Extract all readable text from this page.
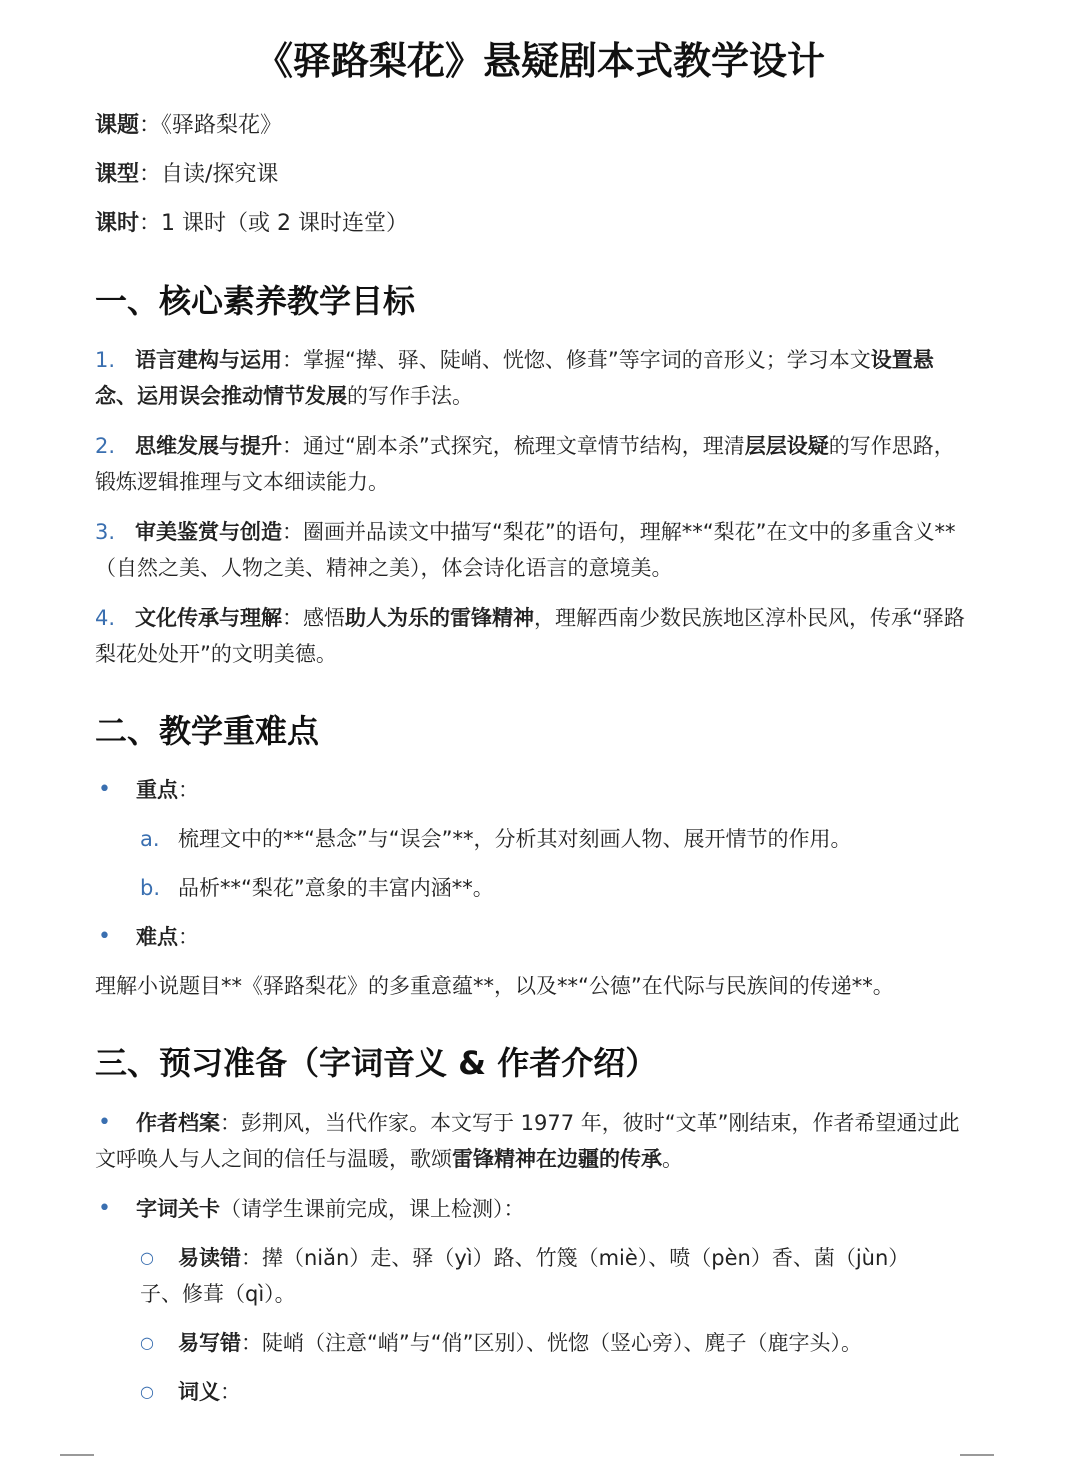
《驿路梨花》悬疑剧本式教学设计
课题：《驿路梨花》
课型：自读/探究课
课时：1 课时（或 2 课时连堂）
一、核心素养教学目标
1. 语言建构与运用：掌握“撵、驿、陡峭、恍惚、修葺”等字词的音形义；学习本文设置悬念、运用误会推动情节发展的写作手法。
2. 思维发展与提升：通过“剧本杀”式探究，梳理文章情节结构，理清层层设疑的写作思路，锻炼逻辑推理与文本细读能力。
3. 审美鉴赏与创造：圈画并品读文中描写“梨花”的语句，理解**“梨花”在文中的多重含义**（自然之美、人物之美、精神之美），体会诗化语言的意境美。
4. 文化传承与理解：感悟助人为乐的雷锋精神，理解西南少数民族地区淳朴民风，传承“驿路梨花处处开”的文明美德。
二、教学重难点
• 重点：
a. 梳理文中的**“悬念”与“误会”**，分析其对刻画人物、展开情节的作用。
b. 品析**“梨花”意象的丰富内涵**。
• 难点：
理解小说题目**《驿路梨花》的多重意蕴**，以及**“公德”在代际与民族间的传递**。
三、预习准备（字词音义 & 作者介绍）
•	作者档案：彭荆风，当代作家。本文写于 1977 年，彼时“文革”刚结束，作者希望通过此文呼唤人与人之间的信任与温暖，歌颂雷锋精神在边疆的传承。
• 字词关卡（请学生课前完成，课上检测）：
○	易读错：撵（niǎn）走、驿（yì）路、竹篾（miè）、喷（pèn）香、菌（jùn）子、修葺（qì）。
○ 易写错：陡峭（注意“峭”与“俏”区别）、恍惚（竖心旁）、麂子（鹿字头）。
○ 词义：
